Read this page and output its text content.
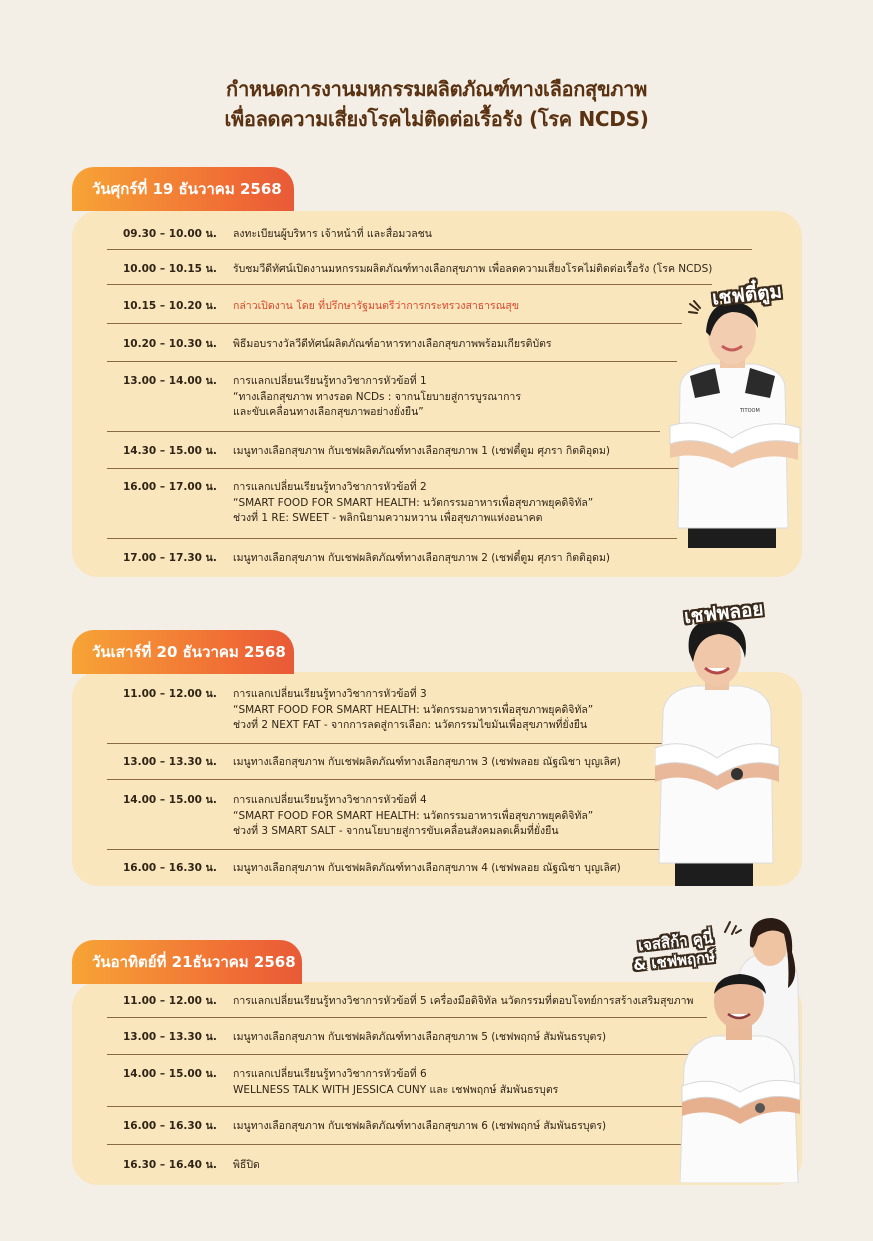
กำหนดการงานมหกรรมผลิตภัณฑ์ทางเลือกสุขภาพ
เพื่อลดความเสี่ยงโรคไม่ติดต่อเรื้อรัง (โรค NCDS)
วันศุกร์ที่ 19 ธันวาคม 2568
09.30 – 10.00 น.	ลงทะเบียนผู้บริหาร เจ้าหน้าที่ และสื่อมวลชน
10.00 – 10.15 น.	รับชมวีดีทัศน์เปิดงานมหกรรมผลิตภัณฑ์ทางเลือกสุขภาพ เพื่อลดความเสี่ยงโรคไม่ติดต่อเรื้อรัง (โรค NCDS)
10.15 – 10.20 น.	กล่าวเปิดงาน โดย ที่ปรึกษารัฐมนตรีว่าการกระทรวงสาธารณสุข
10.20 – 10.30 น.	พิธีมอบรางวัลวีดีทัศน์ผลิตภัณฑ์อาหารทางเลือกสุขภาพพร้อมเกียรติบัตร
13.00 – 14.00 น.	การแลกเปลี่ยนเรียนรู้ทางวิชาการหัวข้อที่ 1
“ทางเลือกสุขภาพ ทางรอด NCDs : จากนโยบายสู่การบูรณาการ
และขับเคลื่อนทางเลือกสุขภาพอย่างยั่งยืน”
14.30 – 15.00 น.	เมนูทางเลือกสุขภาพ กับเชฟผลิตภัณฑ์ทางเลือกสุขภาพ 1 (เชฟตี๋ตูม ศุภรา กิตติอุดม)
16.00 – 17.00 น.	การแลกเปลี่ยนเรียนรู้ทางวิชาการหัวข้อที่ 2
“SMART FOOD FOR SMART HEALTH: นวัตกรรมอาหารเพื่อสุขภาพยุคดิจิทัล”
ช่วงที่ 1 RE: SWEET - พลิกนิยามความหวาน เพื่อสุขภาพแห่งอนาคต
17.00 – 17.30 น.	เมนูทางเลือกสุขภาพ กับเชฟผลิตภัณฑ์ทางเลือกสุขภาพ 2 (เชฟตี๋ตูม ศุภรา กิตติอุดม)
TITOOM
เชฟตี๋ตูม
วันเสาร์ที่ 20 ธันวาคม 2568
11.00 – 12.00 น.	การแลกเปลี่ยนเรียนรู้ทางวิชาการหัวข้อที่ 3
“SMART FOOD FOR SMART HEALTH: นวัตกรรมอาหารเพื่อสุขภาพยุคดิจิทัล”
ช่วงที่ 2 NEXT FAT - จากการลดสู่การเลือก: นวัตกรรมไขมันเพื่อสุขภาพที่ยั่งยืน
13.00 – 13.30 น.	เมนูทางเลือกสุขภาพ กับเชฟผลิตภัณฑ์ทางเลือกสุขภาพ 3 (เชฟพลอย ณัฐณิชา บุญเลิศ)
14.00 – 15.00 น.	การแลกเปลี่ยนเรียนรู้ทางวิชาการหัวข้อที่ 4
“SMART FOOD FOR SMART HEALTH: นวัตกรรมอาหารเพื่อสุขภาพยุคดิจิทัล”
ช่วงที่ 3 SMART SALT - จากนโยบายสู่การขับเคลื่อนสังคมลดเค็มที่ยั่งยืน
16.00 – 16.30 น.	เมนูทางเลือกสุขภาพ กับเชฟผลิตภัณฑ์ทางเลือกสุขภาพ 4 (เชฟพลอย ณัฐณิชา บุญเลิศ)
เชฟพลอย
วันอาทิตย์ที่ 21ธันวาคม 2568
11.00 – 12.00 น.	การแลกเปลี่ยนเรียนรู้ทางวิชาการหัวข้อที่ 5 เครื่องมือดิจิทัล นวัตกรรมที่ตอบโจทย์การสร้างเสริมสุขภาพ
13.00 – 13.30 น.	เมนูทางเลือกสุขภาพ กับเชฟผลิตภัณฑ์ทางเลือกสุขภาพ 5 (เชฟพฤกษ์ สัมพันธรบุตร)
14.00 – 15.00 น.	การแลกเปลี่ยนเรียนรู้ทางวิชาการหัวข้อที่ 6
WELLNESS TALK WITH JESSICA CUNY และ เชฟพฤกษ์ สัมพันธรบุตร
16.00 – 16.30 น.	เมนูทางเลือกสุขภาพ กับเชฟผลิตภัณฑ์ทางเลือกสุขภาพ 6 (เชฟพฤกษ์ สัมพันธรบุตร)
16.30 – 16.40 น.	พิธีปิด
เจสสิก้า คูนี่
& เชฟพฤกษ์
